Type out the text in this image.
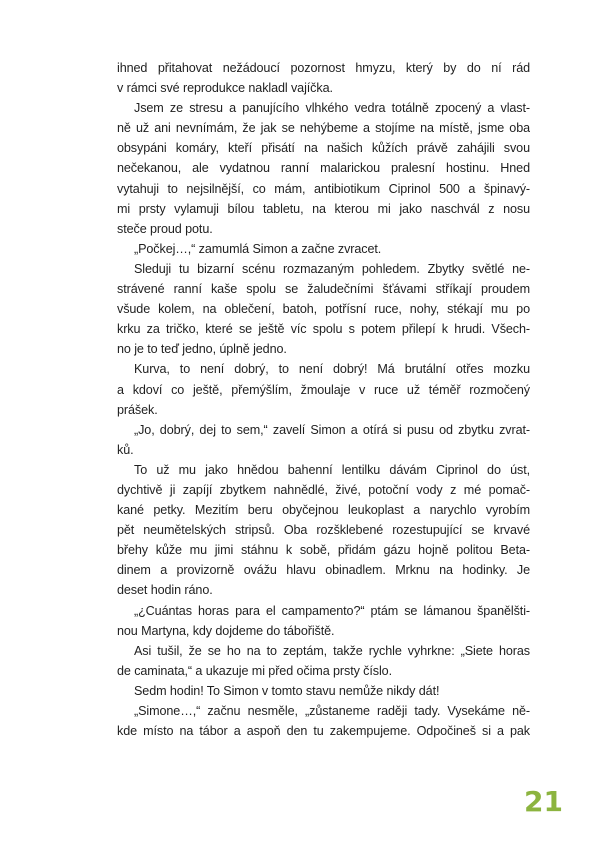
ihned přitahovat nežádoucí pozornost hmyzu, který by do ní rád

v rámci své reprodukce nakladl vajíčka.

Jsem ze stresu a panujícího vlhkého vedra totálně zpocený a vlast-

ně už ani nevnímám, že jak se nehýbeme a stojíme na místě, jsme oba

obsypáni komáry, kteří přisátí na našich kůžích právě zahájili svou

nečekanou, ale vydatnou ranní malarickou pralesní hostinu. Hned

vytahuji to nejsilnější, co mám, antibiotikum Ciprinol 500 a špinavý-

mi prsty vylamuji bílou tabletu, na kterou mi jako naschvál z nosu

steče proud potu.

„Počkej…,“ zamumlá Simon a začne zvracet.

Sleduji tu bizarní scénu rozmazaným pohledem. Zbytky světlé ne-

strávené ranní kaše spolu se žaludečními šťávami stříkají proudem

všude kolem, na oblečení, batoh, potřísní ruce, nohy, stékají mu po

krku za tričko, které se ještě víc spolu s potem přilepí k hrudi. Všech-

no je to teď jedno, úplně jedno.

Kurva, to není dobrý, to není dobrý! Má brutální otřes mozku

a kdoví co ještě, přemýšlím, žmoulaje v ruce už téměř rozmočený

prášek.

„Jo, dobrý, dej to sem,“ zavelí Simon a otírá si pusu od zbytku zvrat-

ků.

To už mu jako hnědou bahenní lentilku dávám Ciprinol do úst,

dychtivě ji zapíjí zbytkem nahnědlé, živé, potoční vody z mé pomač-

kané petky. Mezitím beru obyčejnou leukoplast a narychlo vyrobím

pět neumětelských stripsů. Oba rozšklebené rozestupující se krvavé

břehy kůže mu jimi stáhnu k sobě, přidám gázu hojně politou Beta-

dinem a provizorně ovážu hlavu obinadlem. Mrknu na hodinky. Je

deset hodin ráno.

„¿Cuántas horas para el campamento?“ ptám se lámanou španělšti-

nou Martyna, kdy dojdeme do tábořiště.

Asi tušil, že se ho na to zeptám, takže rychle vyhrkne: „Siete horas

de caminata,“ a ukazuje mi před očima prsty číslo.

Sedm hodin! To Simon v tomto stavu nemůže nikdy dát!

„Simone…,“ začnu nesměle, „zůstaneme raději tady. Vysekáme ně-

kde místo na tábor a aspoň den tu zakempujeme. Odpočineš si a pak

21
